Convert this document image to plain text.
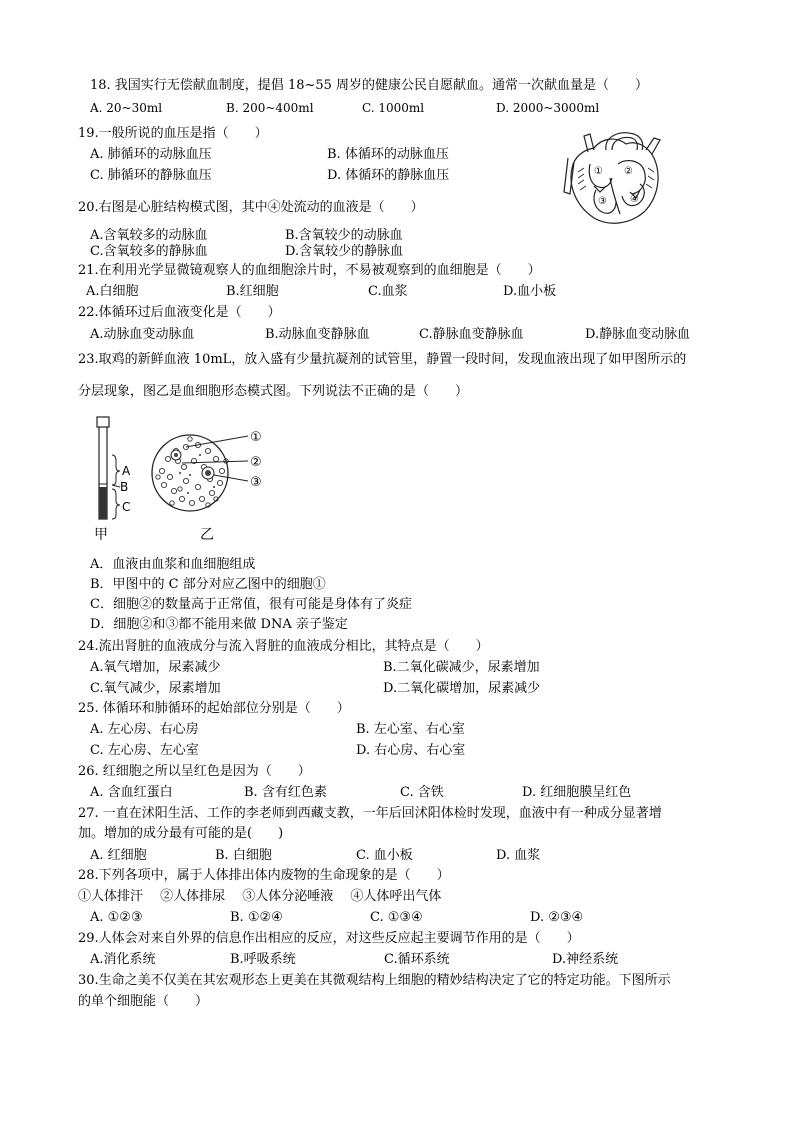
18. 我国实行无偿献血制度，提倡 18~55 周岁的健康公民自愿献血。通常一次献血量是（　　）
A. 20~30ml	B. 200~400ml	C. 1000ml	D. 2000~3000ml
19.一般所说的血压是指（　　）
A. 肺循环的动脉血压	B. 体循环的动脉血压
C. 肺循环的静脉血压	D. 体循环的静脉血压	① ②
③ ④
20.右图是心脏结构模式图，其中④处流动的血液是（　　）
A.含氧较多的动脉血	B.含氧较少的动脉血
C.含氧较多的静脉血	D.含氧较少的静脉血
21.在利用光学显微镜观察人的血细胞涂片时，不易被观察到的血细胞是（　　）
A.白细胞	B.红细胞	C.血浆	D.血小板
22.体循环过后血液变化是（　　）
A.动脉血变动脉血	B.动脉血变静脉血	C.静脉血变静脉血	D.静脉血变动脉血
23.取鸡的新鲜血液 10mL，放入盛有少量抗凝剂的试管里，静置一段时间，发现血液出现了如甲图所示的
分层现象，图乙是血细胞形态模式图。下列说法不正确的是（　　）
A
B
C
甲
①
②
③
乙
A．血液由血浆和血细胞组成
B．甲图中的 C 部分对应乙图中的细胞①
C．细胞②的数量高于正常值，很有可能是身体有了炎症
D．细胞②和③都不能用来做 DNA 亲子鉴定
24.流出肾脏的血液成分与流入肾脏的血液成分相比，其特点是（　　）
A.氧气增加，尿素减少	B.二氧化碳减少，尿素增加
C.氧气减少，尿素增加	D.二氧化碳增加，尿素减少
25. 体循环和肺循环的起始部位分别是（　　）
A. 左心房、右心房	B. 左心室、右心室
C. 左心房、左心室	D. 右心房、右心室
26. 红细胞之所以呈红色是因为（　　）
A. 含血红蛋白	B. 含有红色素	C. 含铁	D. 红细胞膜呈红色
27. 一直在沭阳生活、工作的李老师到西藏支教，一年后回沭阳体检时发现，血液中有一种成分显著增
加。增加的成分最有可能的是(　　)
A. 红细胞	B. 白细胞	C. 血小板	D. 血浆
28.下列各项中，属于人体排出体内废物的生命现象的是（　　）
①人体排汗　 ②人体排尿　 ③人体分泌唾液　 ④人体呼出气体
A. ①②③	B. ①②④	C. ①③④	D. ②③④
29.人体会对来自外界的信息作出相应的反应，对这些反应起主要调节作用的是（　　）
A.消化系统	B.呼吸系统	C.循环系统	D.神经系统
30.生命之美不仅美在其宏观形态上更美在其微观结构上细胞的精妙结构决定了它的特定功能。下图所示
的单个细胞能（　　）
